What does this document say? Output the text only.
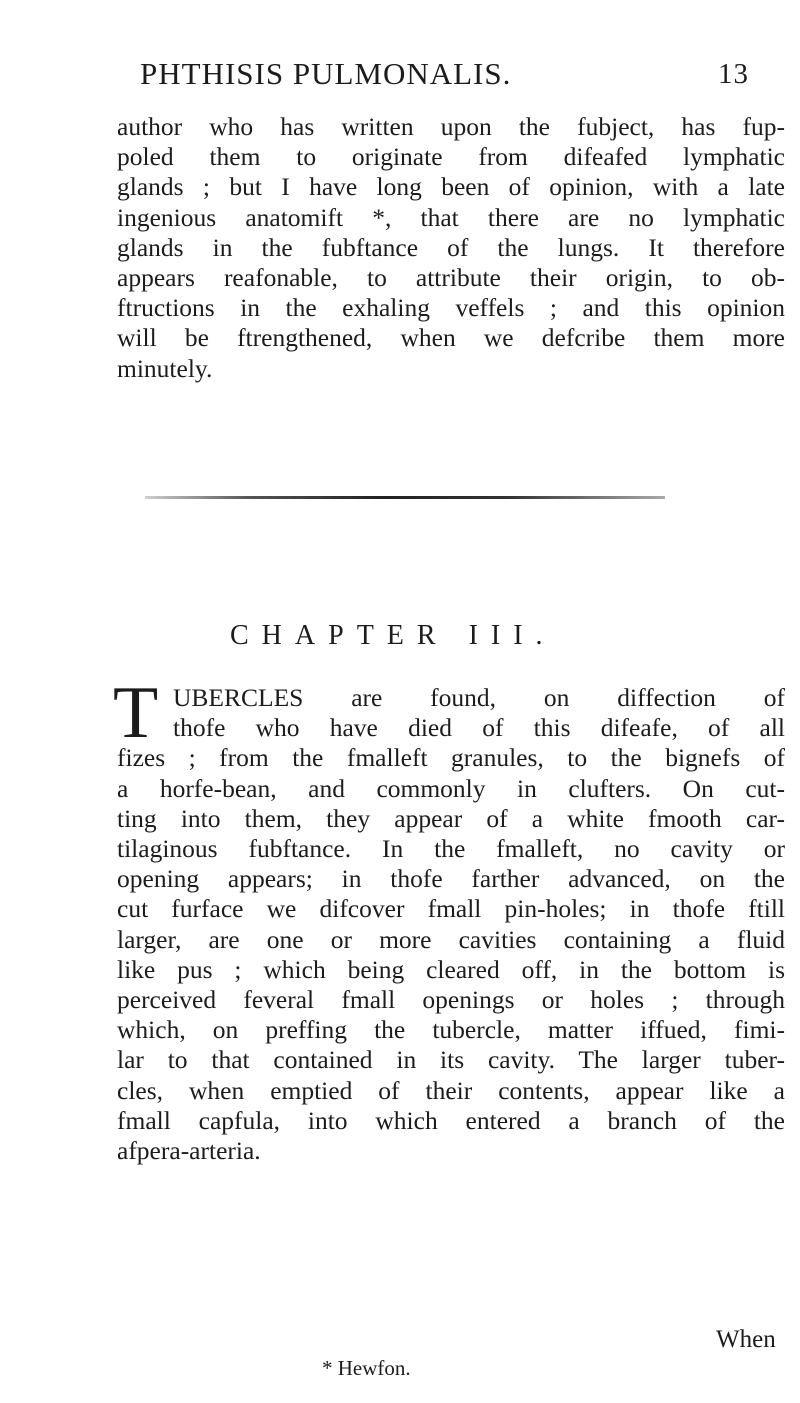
PHTHISIS PULMONALIS.	13
author who has written upon the fubject, has fup-
poled them to originate from difeafed lymphatic
glands ; but I have long been of opinion, with a late
ingenious anatomift *, that there are no lymphatic
glands in the fubftance of the lungs. It therefore
appears reafonable, to attribute their origin, to ob-
ftructions in the exhaling veffels ; and this opinion
will be ftrengthened, when we defcribe them more
minutely.
CHAPTER III.
T UBERCLES are found, on diffection of
thofe who have died of this difeafe, of all
fizes ; from the fmalleft granules, to the bignefs of
a horfe-bean, and commonly in clufters. On cut-
ting into them, they appear of a white fmooth car-
tilaginous fubftance. In the fmalleft, no cavity or
opening appears; in thofe farther advanced, on the
cut furface we difcover fmall pin-holes; in thofe ftill
larger, are one or more cavities containing a fluid
like pus ; which being cleared off, in the bottom is
perceived feveral fmall openings or holes ; through
which, on preffing the tubercle, matter iffued, fimi-
lar to that contained in its cavity. The larger tuber-
cles, when emptied of their contents, appear like a
fmall capfula, into which entered a branch of the
afpera-arteria.
When
* Hewfon.
